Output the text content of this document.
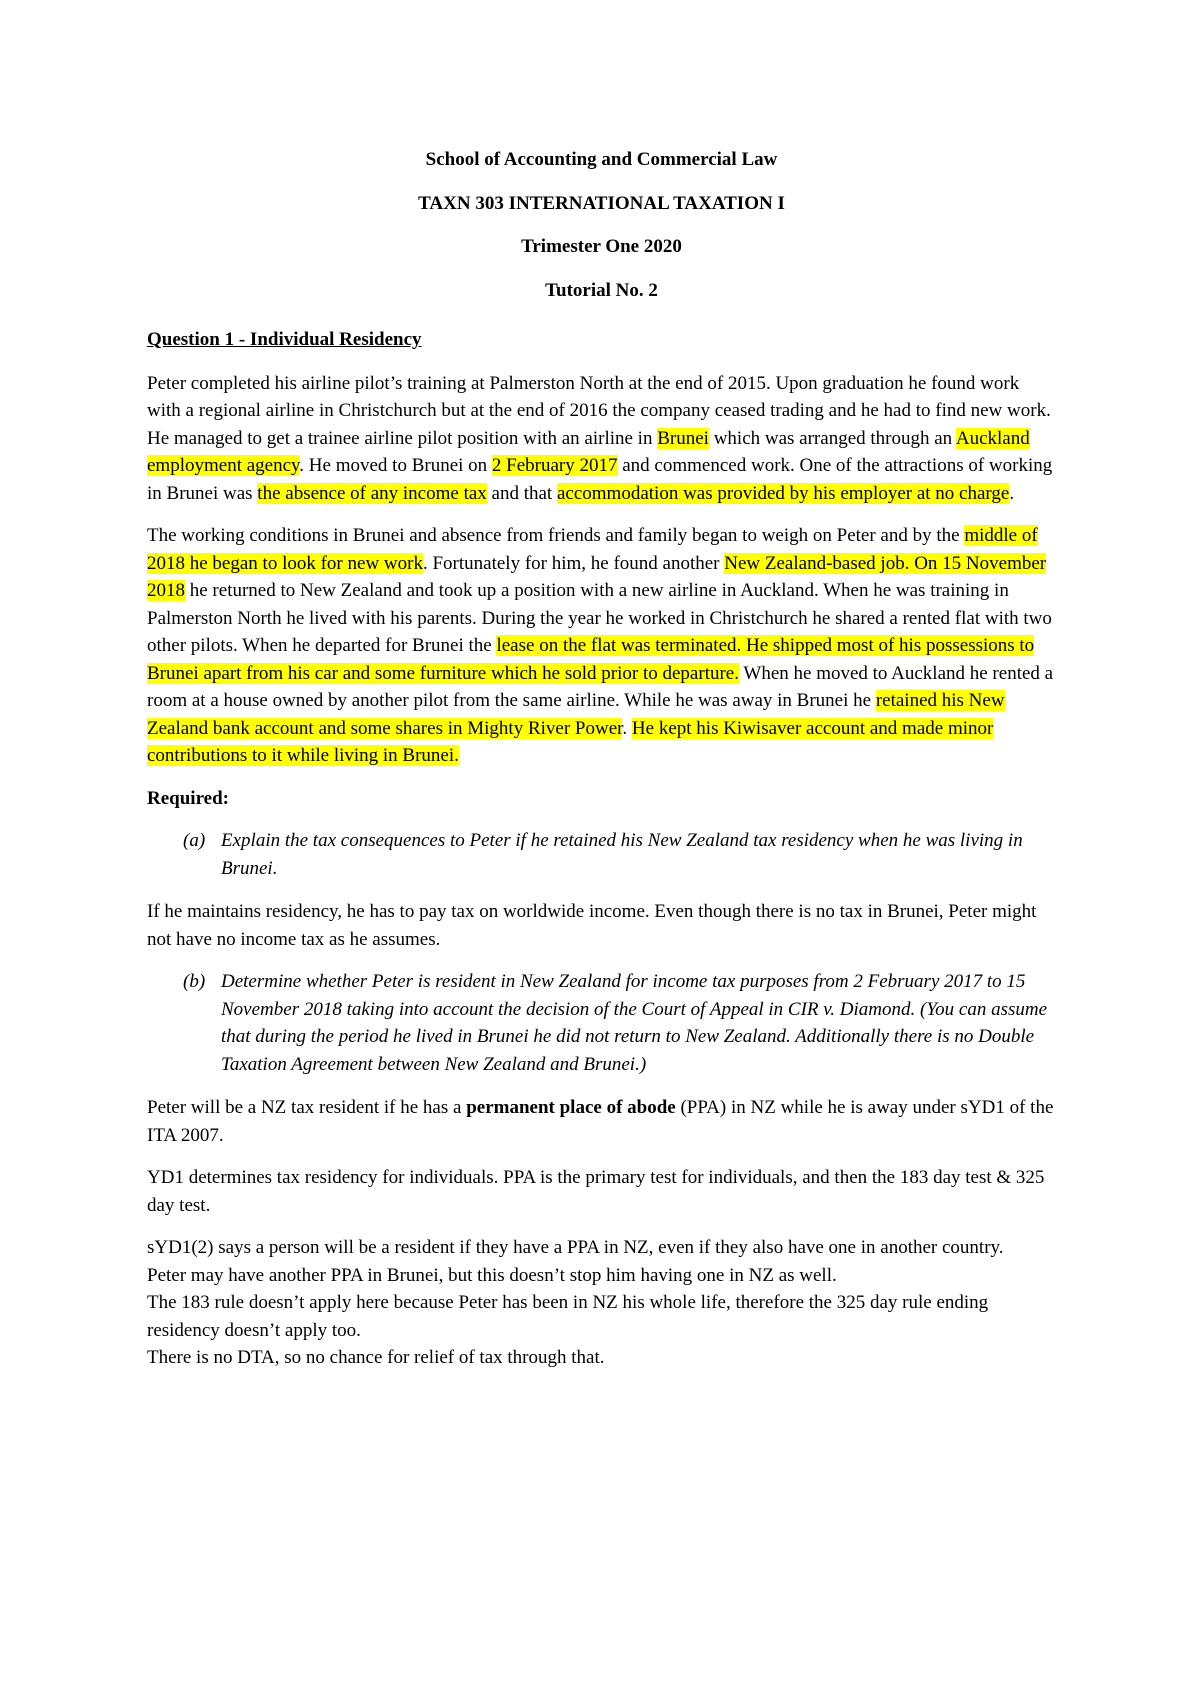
School of Accounting and Commercial Law
TAXN 303 INTERNATIONAL TAXATION I
Trimester One 2020
Tutorial No. 2
Question 1 - Individual Residency

Peter completed his airline pilot’s training at Palmerston North at the end of 2015. Upon graduation he found work with a regional airline in Christchurch but at the end of 2016 the company ceased trading and he had to find new work. He managed to get a trainee airline pilot position with an airline in Brunei which was arranged through an Auckland employment agency. He moved to Brunei on 2 February 2017 and commenced work. One of the attractions of working in Brunei was the absence of any income tax and that accommodation was provided by his employer at no charge.

The working conditions in Brunei and absence from friends and family began to weigh on Peter and by the middle of 2018 he began to look for new work. Fortunately for him, he found another New Zealand-based job. On 15 November 2018 he returned to New Zealand and took up a position with a new airline in Auckland. When he was training in Palmerston North he lived with his parents. During the year he worked in Christchurch he shared a rented flat with two other pilots. When he departed for Brunei the lease on the flat was terminated. He shipped most of his possessions to Brunei apart from his car and some furniture which he sold prior to departure. When he moved to Auckland he rented a room at a house owned by another pilot from the same airline. While he was away in Brunei he retained his New Zealand bank account and some shares in Mighty River Power. He kept his Kiwisaver account and made minor contributions to it while living in Brunei.

Required:
(a) Explain the tax consequences to Peter if he retained his New Zealand tax residency when he was living in Brunei.

If he maintains residency, he has to pay tax on worldwide income. Even though there is no tax in Brunei, Peter might not have no income tax as he assumes.

(b) Determine whether Peter is resident in New Zealand for income tax purposes from 2 February 2017 to 15 November 2018 taking into account the decision of the Court of Appeal in CIR v. Diamond. (You can assume that during the period he lived in Brunei he did not return to New Zealand. Additionally there is no Double Taxation Agreement between New Zealand and Brunei.)

Peter will be a NZ tax resident if he has a permanent place of abode (PPA) in NZ while he is away under sYD1 of the ITA 2007.

YD1 determines tax residency for individuals. PPA is the primary test for individuals, and then the 183 day test & 325 day test.

sYD1(2) says a person will be a resident if they have a PPA in NZ, even if they also have one in another country.

Peter may have another PPA in Brunei, but this doesn’t stop him having one in NZ as well.

The 183 rule doesn’t apply here because Peter has been in NZ his whole life, therefore the 325 day rule ending residency doesn’t apply too.

There is no DTA, so no chance for relief of tax through that.
